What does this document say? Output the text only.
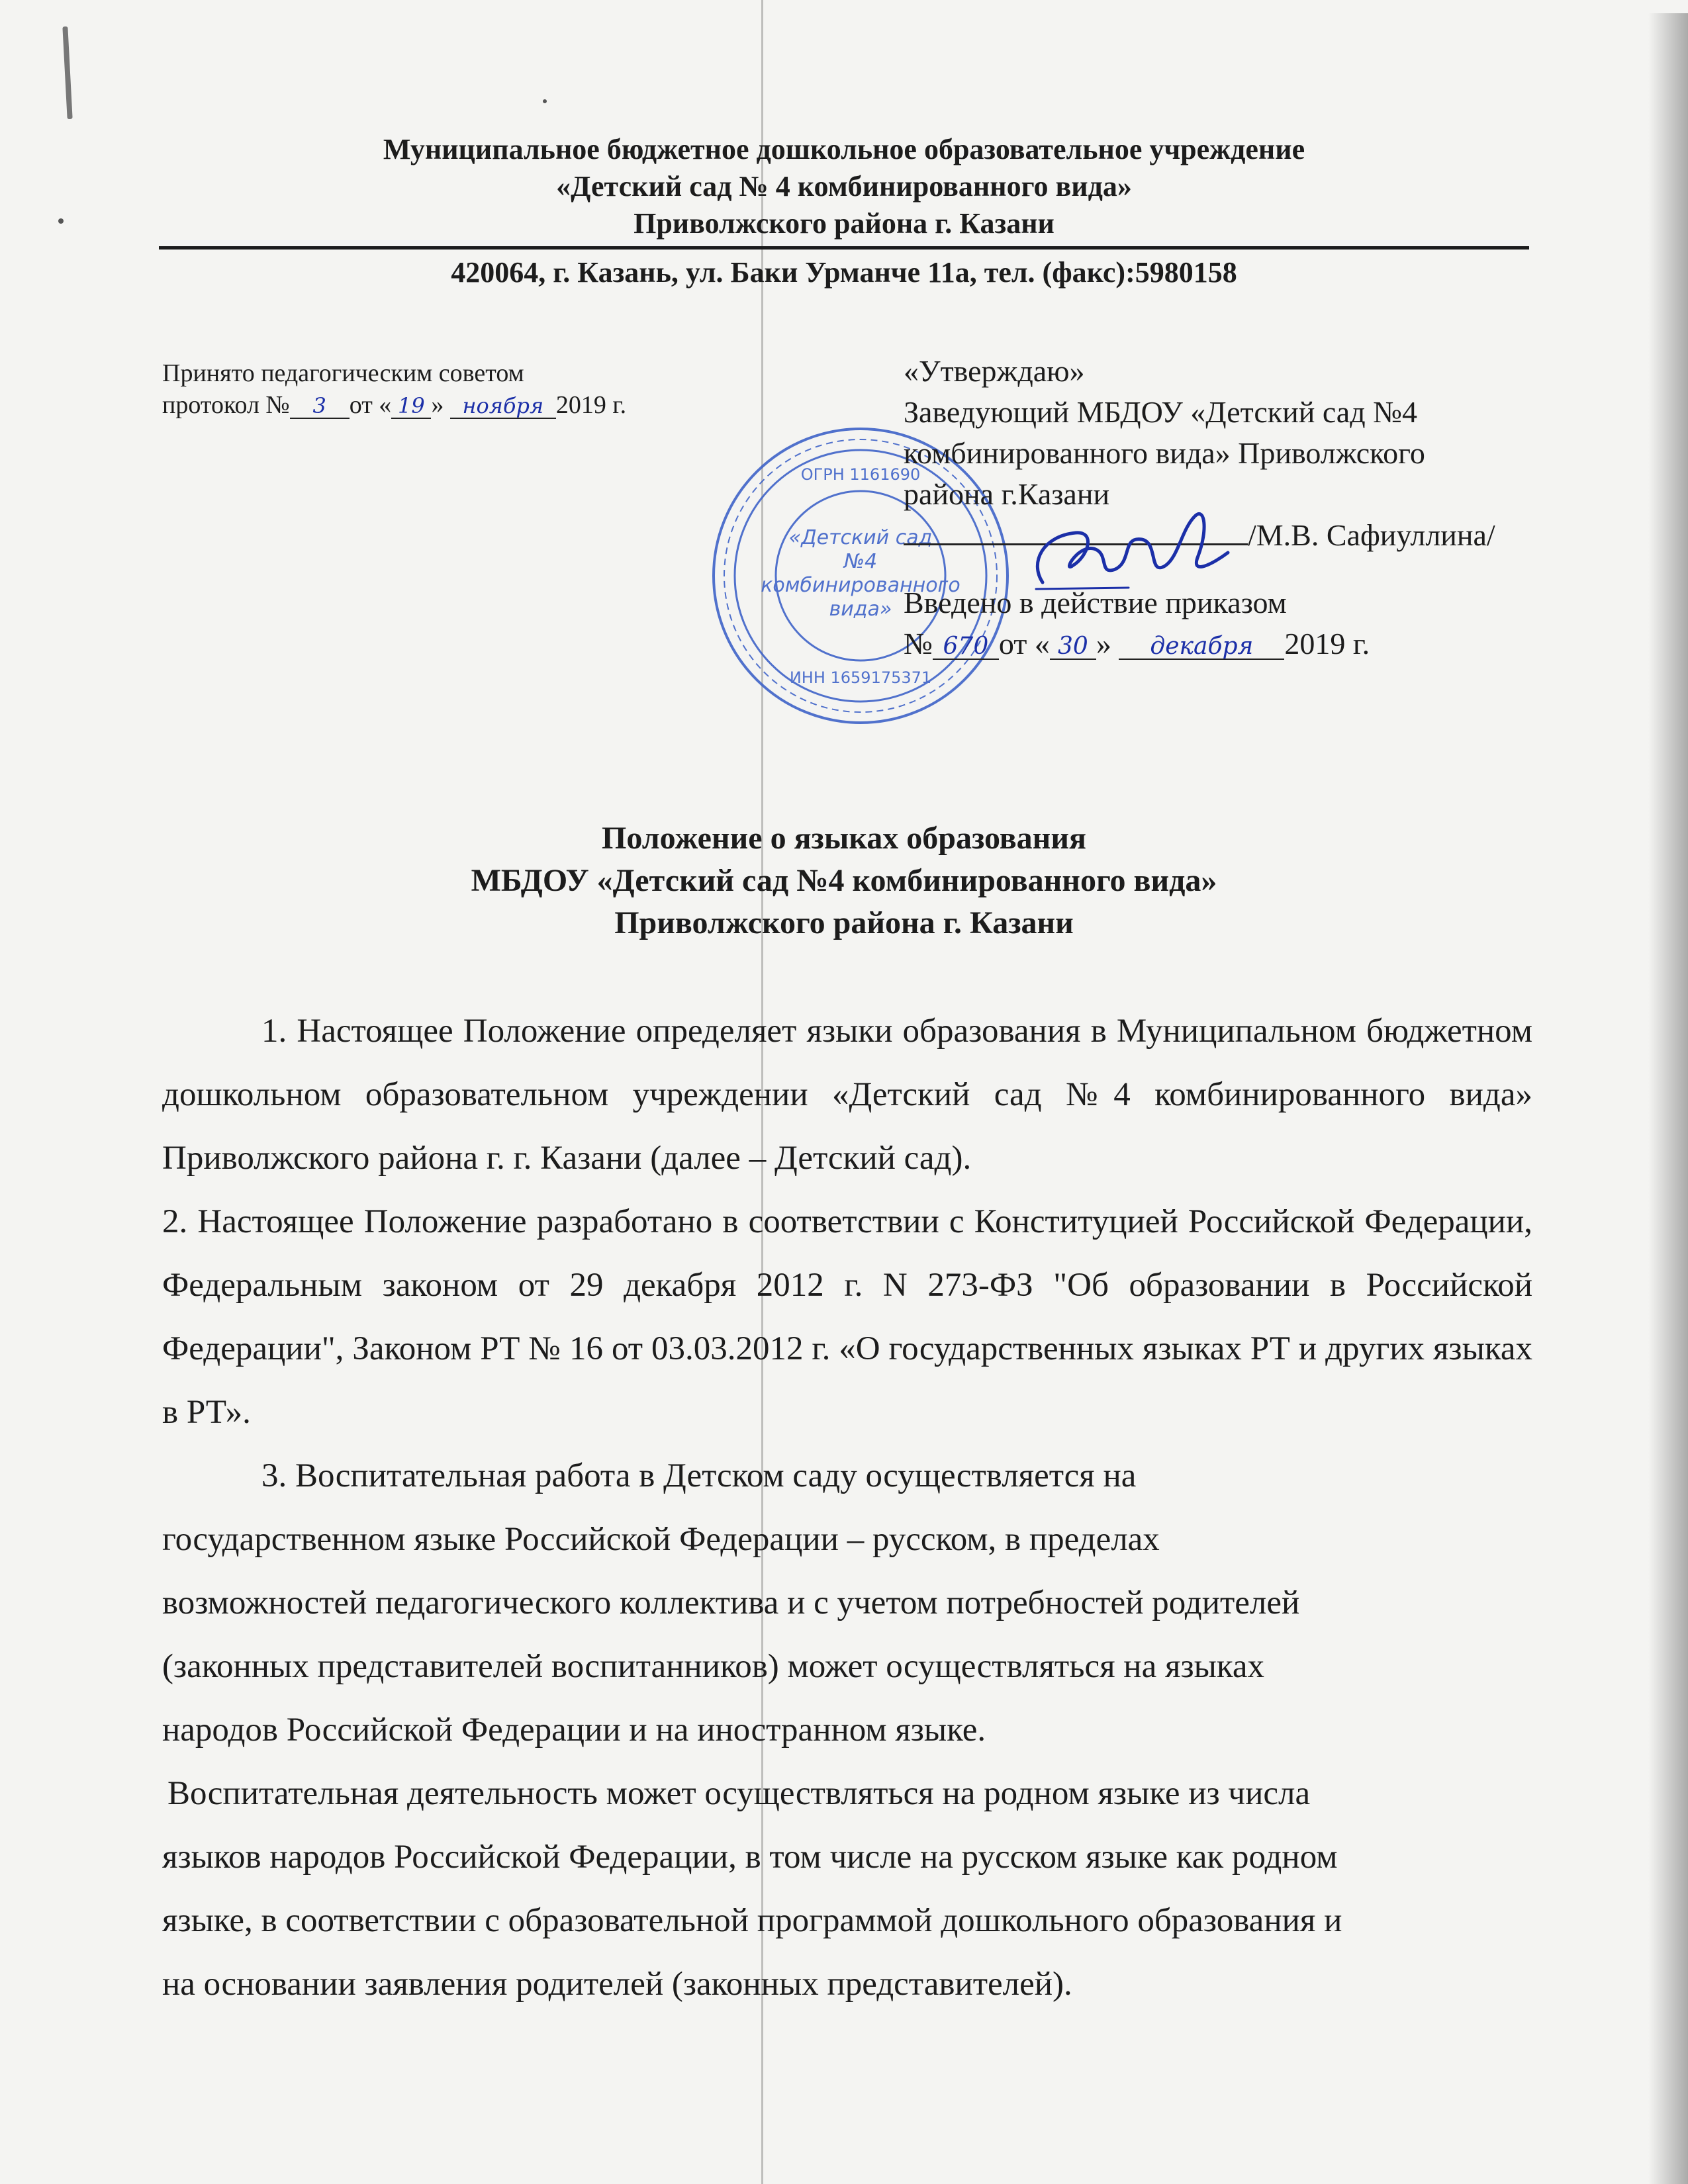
Муниципальное бюджетное дошкольное образовательное учреждение
«Детский сад № 4 комбинированного вида»
Приволжского района г. Казани
420064, г. Казань, ул. Баки Урманче 11а, тел. (факс):5980158
Принято педагогическим советом
протокол № 3 от « 19 » ноября 2019 г.
«Детский сад
№4
комбинированного
вида»
ОГРН 1161690
ИНН 1659175371

«Утверждаю»

Заведующий МБДОУ «Детский сад №4

комбинированного вида» Приволжского

района г.Казани

/М.В. Сафиуллина/

Введено в действие приказом

№ 670 от « 30 » декабря 2019 г.

Положение о языках образования
МБДОУ «Детский сад №4 комбинированного вида»
Приволжского района г. Казани

1. Настоящее Положение определяет языки образования в Муниципальном бюджетном дошкольном образовательном учреждении «Детский сад №4 комбинированного вида» Приволжского района г. г. Казани (далее – Детский сад).

2. Настоящее Положение разработано в соответствии с Конституцией Российской Федерации, Федеральным законом от 29 декабря 2012 г. N 273-ФЗ "Об образовании в Российской Федерации", Законом РТ № 16 от 03.03.2012 г. «О государственных языках РТ и других языках в РТ».

3. Воспитательная работа в Детском саду осуществляется на

государственном языке Российской Федерации – русском, в пределах

возможностей педагогического коллектива и с учетом потребностей родителей

(законных представителей воспитанников) может осуществляться на языках

народов Российской Федерации и на иностранном языке.

Воспитательная деятельность может осуществляться на родном языке из числа

языков народов Российской Федерации, в том числе на русском языке как родном

языке, в соответствии с образовательной программой дошкольного образования и

на основании заявления родителей (законных представителей).
